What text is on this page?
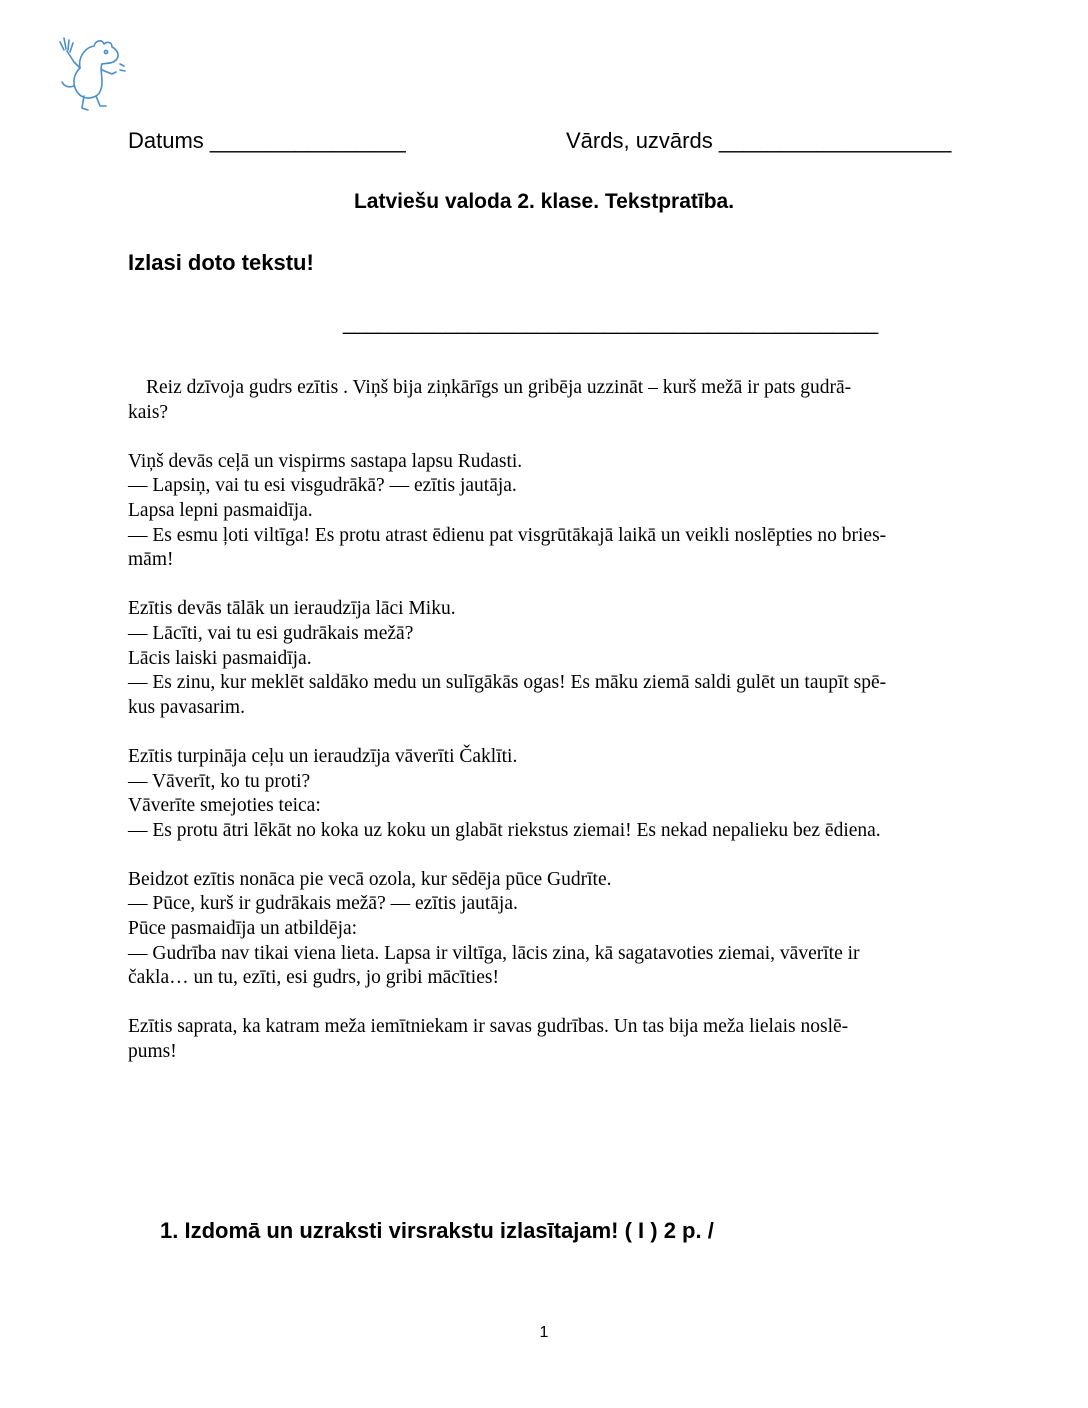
Datums ________________	Vārds, uzvārds ___________________
Latviešu valoda 2. klase. Tekstpratība.
Izlasi doto tekstu!
_______________________________________________

Reiz dzīvoja gudrs ezītis . Viņš bija ziņkārīgs un gribēja uzzināt – kurš mežā ir pats gudrā-
kais?

Viņš devās ceļā un vispirms sastapa lapsu Rudasti.
— Lapsiņ, vai tu esi visgudrākā? — ezītis jautāja.
Lapsa lepni pasmaidīja.
— Es esmu ļoti viltīga! Es protu atrast ēdienu pat visgrūtākajā laikā un veikli noslēpties no bries-
mām!

Ezītis devās tālāk un ieraudzīja lāci Miku.
— Lācīti, vai tu esi gudrākais mežā?
Lācis laiski pasmaidīja.
— Es zinu, kur meklēt saldāko medu un sulīgākās ogas! Es māku ziemā saldi gulēt un taupīt spē-
kus pavasarim.

Ezītis turpināja ceļu un ieraudzīja vāverīti Čaklīti.
— Vāverīt, ko tu proti?
Vāverīte smejoties teica:
— Es protu ātri lēkāt no koka uz koku un glabāt riekstus ziemai! Es nekad nepalieku bez ēdiena.

Beidzot ezītis nonāca pie vecā ozola, kur sēdēja pūce Gudrīte.
— Pūce, kurš ir gudrākais mežā? — ezītis jautāja.
Pūce pasmaidīja un atbildēja:
— Gudrība nav tikai viena lieta. Lapsa ir viltīga, lācis zina, kā sagatavoties ziemai, vāverīte ir
čakla… un tu, ezīti, esi gudrs, jo gribi mācīties!

Ezītis saprata, ka katram meža iemītniekam ir savas gudrības. Un tas bija meža lielais noslē-
pums!

1. Izdomā un uzraksti virsrakstu izlasītajam! ( I ) 2 p. /
1
